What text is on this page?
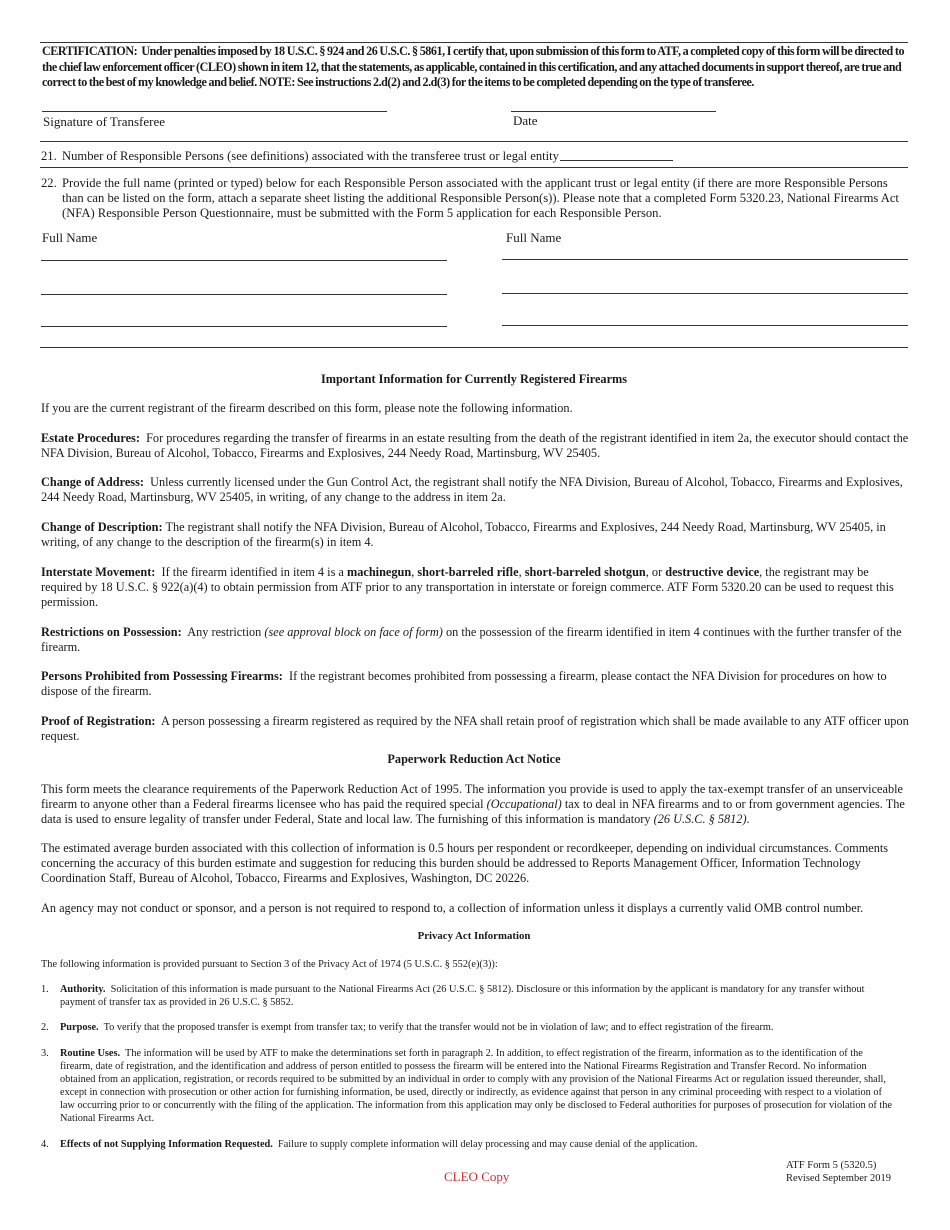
CERTIFICATION: Under penalties imposed by 18 U.S.C. § 924 and 26 U.S.C. § 5861, I certify that, upon submission of this form to ATF, a completed copy of this form will be directed to the chief law enforcement officer (CLEO) shown in item 12, that the statements, as applicable, contained in this certification, and any attached documents in support thereof, are true and correct to the best of my knowledge and belief. NOTE: See instructions 2.d(2) and 2.d(3) for the items to be completed depending on the type of transferee.
Signature of Transferee	Date
21. Number of Responsible Persons (see definitions) associated with the transferee trust or legal entity
22. Provide the full name (printed or typed) below for each Responsible Person associated with the applicant trust or legal entity (if there are more Responsible Persons than can be listed on the form, attach a separate sheet listing the additional Responsible Person(s)). Please note that a completed Form 5320.23, National Firearms Act (NFA) Responsible Person Questionnaire, must be submitted with the Form 5 application for each Responsible Person.
Full Name	Full Name
Important Information for Currently Registered Firearms
If you are the current registrant of the firearm described on this form, please note the following information.
Estate Procedures: For procedures regarding the transfer of firearms in an estate resulting from the death of the registrant identified in item 2a, the executor should contact the NFA Division, Bureau of Alcohol, Tobacco, Firearms and Explosives, 244 Needy Road, Martinsburg, WV 25405.
Change of Address: Unless currently licensed under the Gun Control Act, the registrant shall notify the NFA Division, Bureau of Alcohol, Tobacco, Firearms and Explosives, 244 Needy Road, Martinsburg, WV 25405, in writing, of any change to the address in item 2a.
Change of Description: The registrant shall notify the NFA Division, Bureau of Alcohol, Tobacco, Firearms and Explosives, 244 Needy Road, Martinsburg, WV 25405, in writing, of any change to the description of the firearm(s) in item 4.
Interstate Movement: If the firearm identified in item 4 is a machinegun, short-barreled rifle, short-barreled shotgun, or destructive device, the registrant may be required by 18 U.S.C. § 922(a)(4) to obtain permission from ATF prior to any transportation in interstate or foreign commerce. ATF Form 5320.20 can be used to request this permission.
Restrictions on Possession: Any restriction (see approval block on face of form) on the possession of the firearm identified in item 4 continues with the further transfer of the firearm.
Persons Prohibited from Possessing Firearms: If the registrant becomes prohibited from possessing a firearm, please contact the NFA Division for procedures on how to dispose of the firearm.
Proof of Registration: A person possessing a firearm registered as required by the NFA shall retain proof of registration which shall be made available to any ATF officer upon request.
Paperwork Reduction Act Notice
This form meets the clearance requirements of the Paperwork Reduction Act of 1995. The information you provide is used to apply the tax-exempt transfer of an unserviceable firearm to anyone other than a Federal firearms licensee who has paid the required special (Occupational) tax to deal in NFA firearms and to or from government agencies. The data is used to ensure legality of transfer under Federal, State and local law. The furnishing of this information is mandatory (26 U.S.C. § 5812).
The estimated average burden associated with this collection of information is 0.5 hours per respondent or recordkeeper, depending on individual circumstances. Comments concerning the accuracy of this burden estimate and suggestion for reducing this burden should be addressed to Reports Management Officer, Information Technology Coordination Staff, Bureau of Alcohol, Tobacco, Firearms and Explosives, Washington, DC 20226.
An agency may not conduct or sponsor, and a person is not required to respond to, a collection of information unless it displays a currently valid OMB control number.
Privacy Act Information
The following information is provided pursuant to Section 3 of the Privacy Act of 1974 (5 U.S.C. § 552(e)(3)):
1. Authority. Solicitation of this information is made pursuant to the National Firearms Act (26 U.S.C. § 5812). Disclosure or this information by the applicant is mandatory for any transfer without payment of transfer tax as provided in 26 U.S.C. § 5852.
2. Purpose. To verify that the proposed transfer is exempt from transfer tax; to verify that the transfer would not be in violation of law; and to effect registration of the firearm.
3. Routine Uses. The information will be used by ATF to make the determinations set forth in paragraph 2. In addition, to effect registration of the firearm, information as to the identification of the firearm, date of registration, and the identification and address of person entitled to possess the firearm will be entered into the National Firearms Registration and Transfer Record. No information obtained from an application, registration, or records required to be submitted by an individual in order to comply with any provision of the National Firearms Act or regulation issued thereunder, shall, except in connection with prosecution or other action for furnishing information, be used, directly or indirectly, as evidence against that person in any criminal proceeding with respect to a violation of law occurring prior to or concurrently with the filing of the application. The information from this application may only be disclosed to Federal authorities for purposes of prosecution for violation of the National Firearms Act.
4. Effects of not Supplying Information Requested. Failure to supply complete information will delay processing and may cause denial of the application.
CLEO Copy
ATF Form 5 (5320.5)
Revised September 2019
